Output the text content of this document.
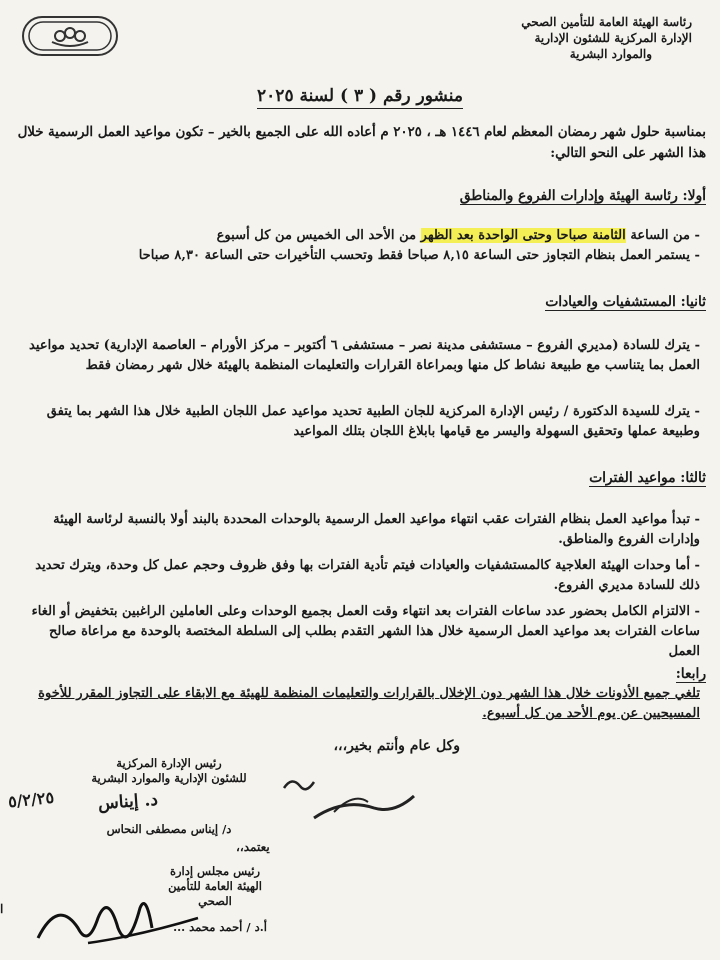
رئاسة الهيئة العامة للتأمين الصحي
الإدارة المركزية للشئون الإدارية
والموارد البشرية
منشور رقم ( ٣ ) لسنة ٢٠٢٥
بمناسبة حلول شهر رمضان المعظم لعام ١٤٤٦ هـ ، ٢٠٢٥ م أعاده الله على الجميع بالخير – تكون مواعيد العمل الرسمية خلال هذا الشهر على النحو التالي:
أولا: رئاسة الهيئة وإدارات الفروع والمناطق
- من الساعة الثامنة صباحا وحتى الواحدة بعد الظهر من الأحد الى الخميس من كل أسبوع
- يستمر العمل بنظام التجاوز حتى الساعة ٨,١٥ صباحا فقط وتحسب التأخيرات حتى الساعة ٨,٣٠ صباحا
ثانيا: المستشفيات والعيادات
- يترك للسادة (مديري الفروع – مستشفى مدينة نصر – مستشفى ٦ أكتوبر – مركز الأورام – العاصمة الإدارية) تحديد مواعيد العمل بما يتناسب مع طبيعة نشاط كل منها وبمراعاة القرارات والتعليمات المنظمة بالهيئة خلال شهر رمضان فقط
- يترك للسيدة الدكتورة / رئيس الإدارة المركزية للجان الطبية تحديد مواعيد عمل اللجان الطبية خلال هذا الشهر بما يتفق وطبيعة عملها وتحقيق السهولة واليسر مع قيامها بابلاغ اللجان بتلك المواعيد
ثالثا: مواعيد الفترات
- تبدأ مواعيد العمل بنظام الفترات عقب انتهاء مواعيد العمل الرسمية بالوحدات المحددة بالبند أولا بالنسبة لرئاسة الهيئة وإدارات الفروع والمناطق.
- أما وحدات الهيئة العلاجية كالمستشفيات والعيادات فيتم تأدية الفترات بها وفق ظروف وحجم عمل كل وحدة، ويترك تحديد ذلك للسادة مديري الفروع.
- الالتزام الكامل بحضور عدد ساعات الفترات بعد انتهاء وقت العمل بجميع الوحدات وعلى العاملين الراغبين بتخفيض أو الغاء ساعات الفترات بعد مواعيد العمل الرسمية خلال هذا الشهر التقدم بطلب إلى السلطة المختصة بالوحدة مع مراعاة صالح العمل
رابعا:
تلغي جميع الأذونات خلال هذا الشهر دون الإخلال بالقرارات والتعليمات المنظمة للهيئة مع الابقاء على التجاوز المقرر للأخوة المسيحيين عن يوم الأحد من كل أسبوع.
وكل عام وأنتم بخير،،،
رئيس الإدارة المركزية
للشئون الإدارية والموارد البشرية
د. إيناس
د/ إيناس مصطفى النحاس
٥/٢/٢٥
يعتمد،،
رئيس مجلس إدارة
الهيئة العامة للتأمين الصحي
أ.د / أحمد محمد ...
ا
